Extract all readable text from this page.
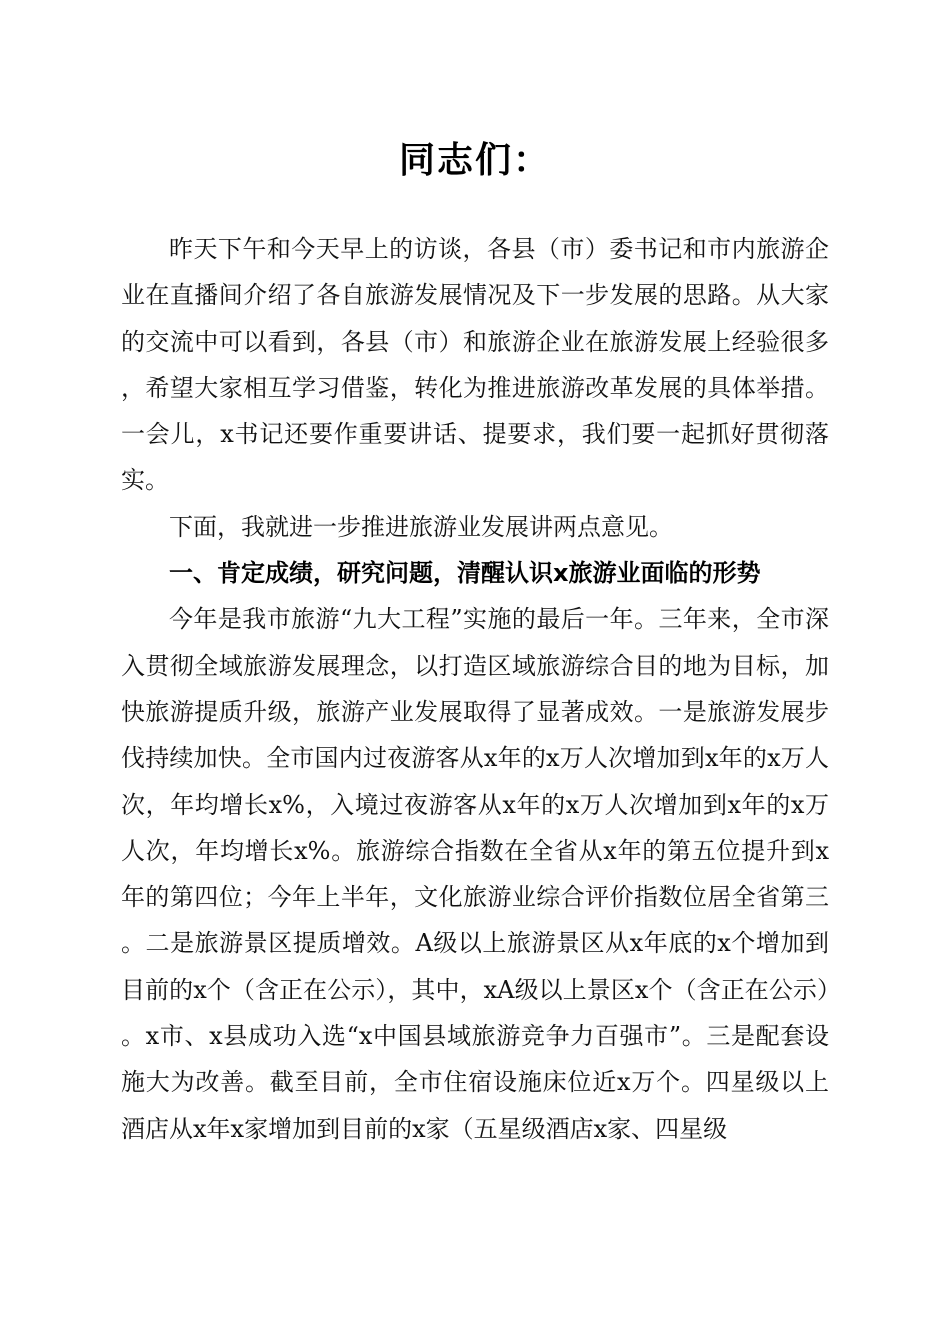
同志们：

昨天下午和今天早上的访谈，各县（市）委书记和市内旅游企业在直播间介绍了各自旅游发展情况及下一步发展的思路。从大家的交流中可以看到，各县（市）和旅游企业在旅游发展上经验很多，希望大家相互学习借鉴，转化为推进旅游改革发展的具体举措。一会儿，x书记还要作重要讲话、提要求，我们要一起抓好贯彻落实。

下面，我就进一步推进旅游业发展讲两点意见。

一、肯定成绩，研究问题，清醒认识x旅游业面临的形势

今年是我市旅游“九大工程”实施的最后一年。三年来，全市深入贯彻全域旅游发展理念，以打造区域旅游综合目的地为目标，加快旅游提质升级，旅游产业发展取得了显著成效。一是旅游发展步伐持续加快。全市国内过夜游客从x年的x万人次增加到x年的x万人次，年均增长x%，入境过夜游客从x年的x万人次增加到x年的x万人次，年均增长x%。旅游综合指数在全省从x年的第五位提升到x年的第四位；今年上半年，文化旅游业综合评价指数位居全省第三。二是旅游景区提质增效。A级以上旅游景区从x年底的x个增加到目前的x个（含正在公示），其中，xA级以上景区x个（含正在公示）。x市、x县成功入选“x中国县域旅游竞争力百强市”。三是配套设施大为改善。截至目前，全市住宿设施床位近x万个。四星级以上酒店从x年x家增加到目前的x家（五星级酒店x家、四星级
